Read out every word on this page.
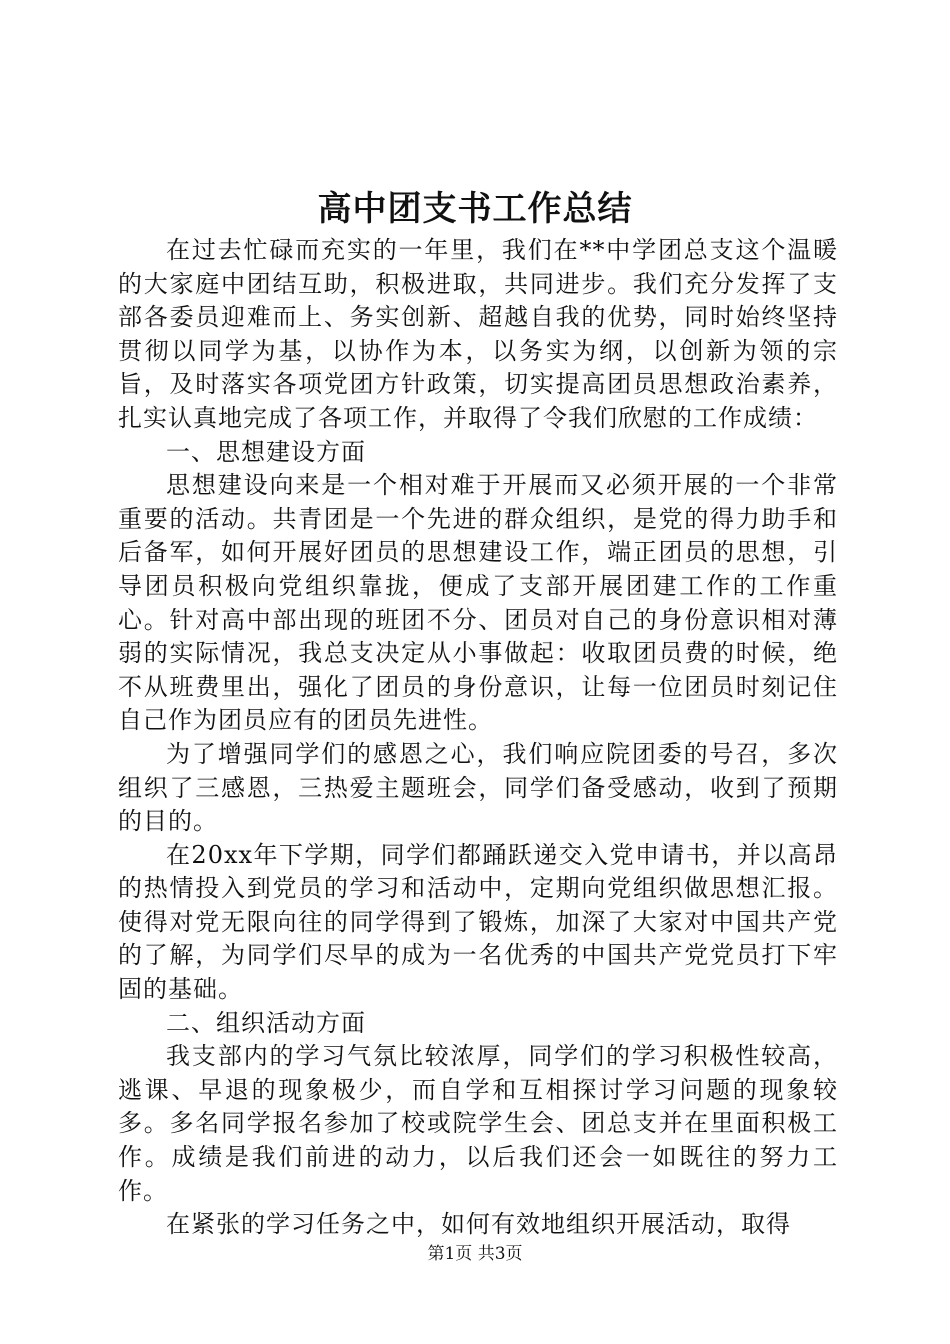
高中团支书工作总结

在过去忙碌而充实的一年里，我们在**中学团总支这个温暖的大家庭中团结互助，积极进取，共同进步。我们充分发挥了支部各委员迎难而上、务实创新、超越自我的优势，同时始终坚持贯彻以同学为基，以协作为本，以务实为纲，以创新为领的宗旨，及时落实各项党团方针政策，切实提高团员思想政治素养，扎实认真地完成了各项工作，并取得了令我们欣慰的工作成绩：

一、思想建设方面

思想建设向来是一个相对难于开展而又必须开展的一个非常重要的活动。共青团是一个先进的群众组织，是党的得力助手和后备军，如何开展好团员的思想建设工作，端正团员的思想，引导团员积极向党组织靠拢，便成了支部开展团建工作的工作重心。针对高中部出现的班团不分、团员对自己的身份意识相对薄弱的实际情况，我总支决定从小事做起：收取团员费的时候，绝不从班费里出，强化了团员的身份意识，让每一位团员时刻记住自己作为团员应有的团员先进性。

为了增强同学们的感恩之心，我们响应院团委的号召，多次组织了三感恩，三热爱主题班会，同学们备受感动，收到了预期的目的。

在20xx年下学期，同学们都踊跃递交入党申请书，并以高昂的热情投入到党员的学习和活动中，定期向党组织做思想汇报。使得对党无限向往的同学得到了锻炼，加深了大家对中国共产党的了解，为同学们尽早的成为一名优秀的中国共产党党员打下牢固的基础。

二、组织活动方面

我支部内的学习气氛比较浓厚，同学们的学习积极性较高，逃课、早退的现象极少，而自学和互相探讨学习问题的现象较多。多名同学报名参加了校或院学生会、团总支并在里面积极工作。成绩是我们前进的动力，以后我们还会一如既往的努力工作。

在紧张的学习任务之中，如何有效地组织开展活动，取得

第1页 共3页
